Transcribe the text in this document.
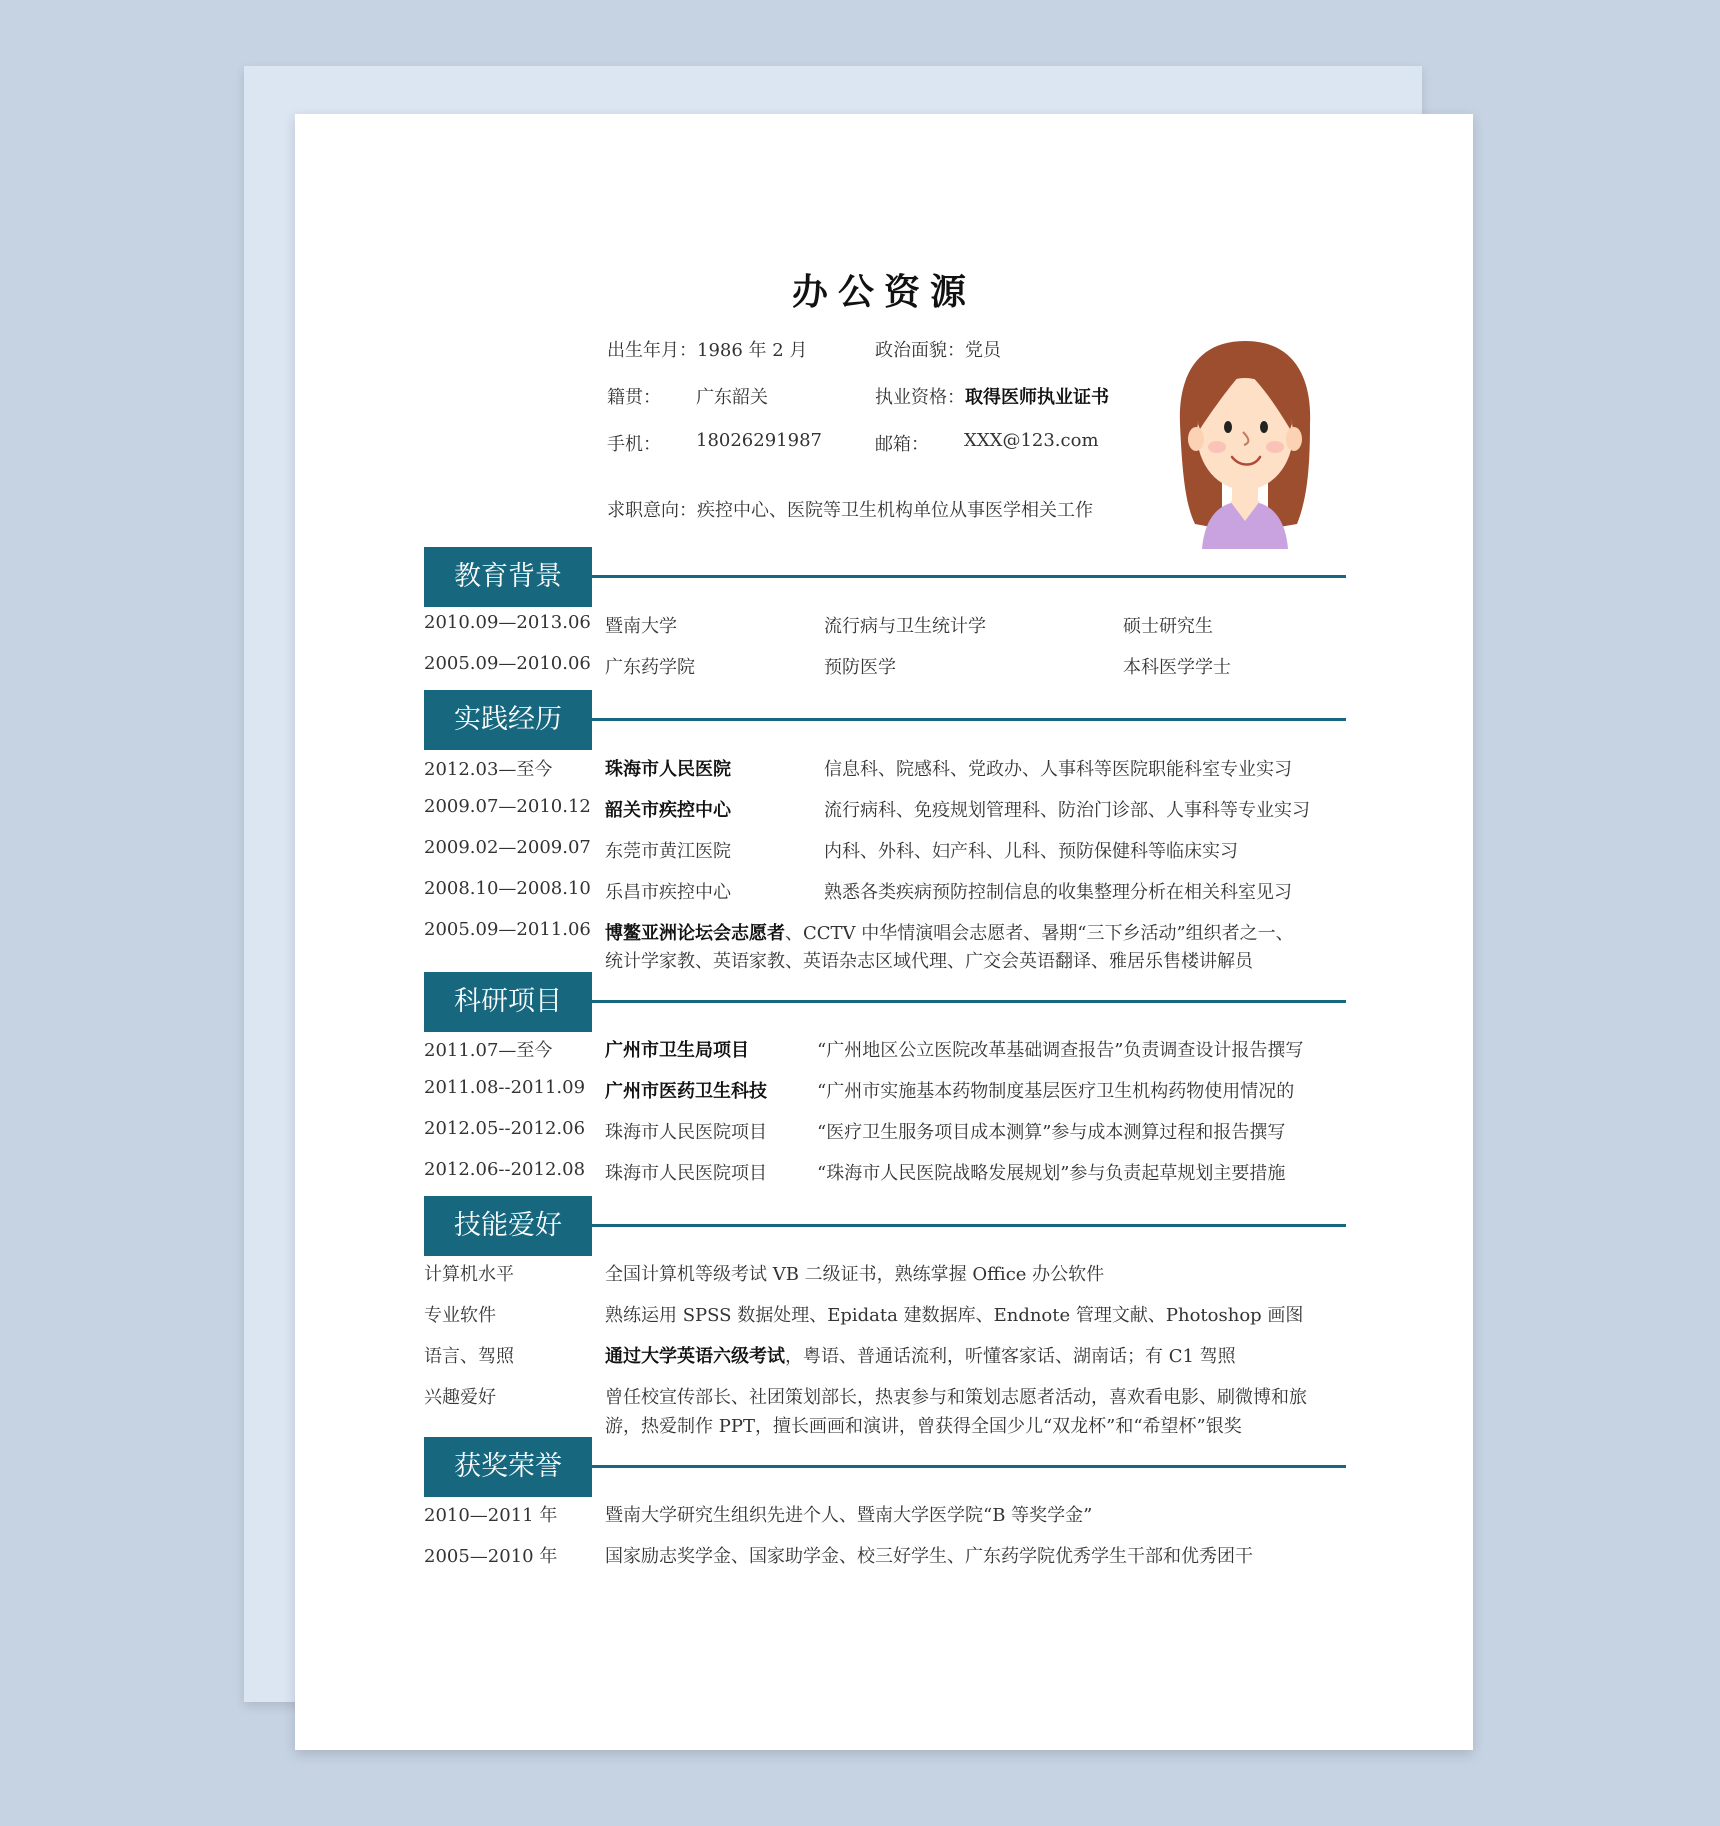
办公资源
出生年月：1986 年 2 月	政治面貌：党员
籍贯： 广东韶关	执业资格：取得医师执业证书
手机： 18026291987	邮箱： XXX@123.com
求职意向：疾控中心、医院等卫生机构单位从事医学相关工作
教育背景
2010.09—2013.06 暨南大学	流行病与卫生统计学	硕士研究生
2005.09—2010.06 广东药学院	预防医学	本科医学学士
实践经历
2012.03—至今	珠海市人民医院	信息科、院感科、党政办、人事科等医院职能科室专业实习
2009.07—2010.12 韶关市疾控中心	流行病科、免疫规划管理科、防治门诊部、人事科等专业实习
2009.02—2009.07 东莞市黄江医院	内科、外科、妇产科、儿科、预防保健科等临床实习
2008.10—2008.10 乐昌市疾控中心	熟悉各类疾病预防控制信息的收集整理分析在相关科室见习
2005.09—2011.06 博鳌亚洲论坛会志愿者、CCTV 中华情演唱会志愿者、暑期“三下乡活动”组织者之一、
统计学家教、英语家教、英语杂志区域代理、广交会英语翻译、雅居乐售楼讲解员
科研项目
2011.07—至今	广州市卫生局项目	“广州地区公立医院改革基础调查报告”负责调查设计报告撰写
2011.08--2011.09 广州市医药卫生科技	“广州市实施基本药物制度基层医疗卫生机构药物使用情况的
2012.05--2012.06 珠海市人民医院项目	“医疗卫生服务项目成本测算”参与成本测算过程和报告撰写
2012.06--2012.08 珠海市人民医院项目	“珠海市人民医院战略发展规划”参与负责起草规划主要措施
技能爱好
计算机水平	全国计算机等级考试 VB 二级证书，熟练掌握 Office 办公软件
专业软件	熟练运用 SPSS 数据处理、Epidata 建数据库、Endnote 管理文献、Photoshop 画图
语言、驾照	通过大学英语六级考试，粤语、普通话流利，听懂客家话、湖南话；有 C1 驾照
兴趣爱好	曾任校宣传部长、社团策划部长，热衷参与和策划志愿者活动，喜欢看电影、刷微博和旅
游，热爱制作 PPT，擅长画画和演讲，曾获得全国少儿“双龙杯”和“希望杯”银奖
获奖荣誉
2010—2011 年	暨南大学研究生组织先进个人、暨南大学医学院“B 等奖学金”
2005—2010 年	国家励志奖学金、国家助学金、校三好学生、广东药学院优秀学生干部和优秀团干
